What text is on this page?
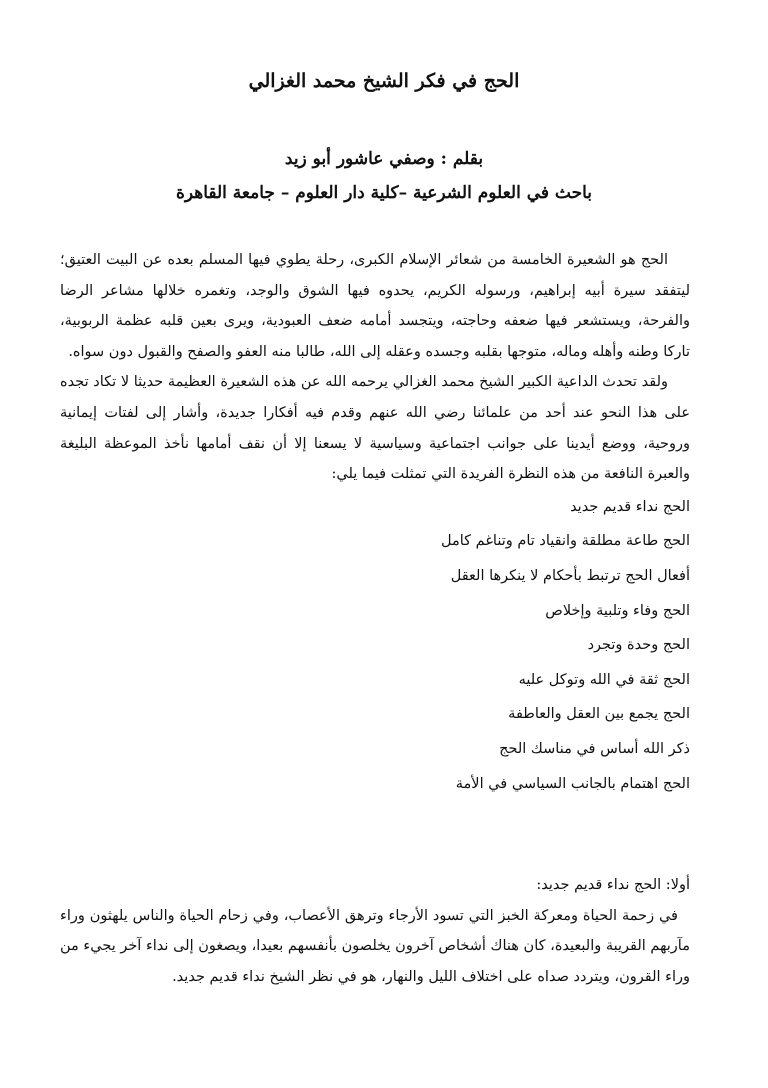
الحج في فكر الشيخ محمد الغزالي

بقلم : وصفي عاشور أبو زيد

باحث في العلوم الشرعية –كلية دار العلوم – جامعة القاهرة

الحج هو الشعيرة الخامسة من شعائر الإسلام الكبرى، رحلة يطوي فيها المسلم بعده عن البيت العتيق؛ ليتفقد سيرة أبيه إبراهيم، ورسوله الكريم، يحدوه فيها الشوق والوجد، وتغمره خلالها مشاعر الرضا والفرحة، ويستشعر فيها ضعفه وحاجته، ويتجسد أمامه ضعف العبودية، ويرى بعين قلبه عظمة الربوبية، تاركا وطنه وأهله وماله، متوجها بقلبه وجسده وعقله إلى الله، طالبا منه العفو والصفح والقبول دون سواه.

ولقد تحدث الداعية الكبير الشيخ محمد الغزالي يرحمه الله عن هذه الشعيرة العظيمة حديثا لا تكاد تجده على هذا النحو عند أحد من علمائنا رضي الله عنهم وقدم فيه أفكارا جديدة، وأشار إلى لفتات إيمانية وروحية، ووضع أيدينا على جوانب اجتماعية وسياسية لا يسعنا إلا أن نقف أمامها نأخذ الموعظة البليغة والعبرة النافعة من هذه النظرة الفريدة التي تمثلت فيما يلي:

الحج نداء قديم جديد
الحج طاعة مطلقة وانقياد تام وتناغم كامل
أفعال الحج ترتبط بأحكام لا ينكرها العقل
الحج وفاء وتلبية وإخلاص
الحج وحدة وتجرد
الحج ثقة في الله وتوكل عليه
الحج يجمع بين العقل والعاطفة
ذكر الله أساس في مناسك الحج
الحج اهتمام بالجانب السياسي في الأمة

أولا: الحج نداء قديم جديد:

في زحمة الحياة ومعركة الخبز التي تسود الأرجاء وترهق الأعصاب، وفي زحام الحياة والناس يلهثون وراء مآربهم القريبة والبعيدة، كان هناك أشخاص آخرون يخلصون بأنفسهم بعيدا، ويصغون إلى نداء آخر يجيء من وراء القرون، ويتردد صداه على اختلاف الليل والنهار، هو في نظر الشيخ نداء قديم جديد.
